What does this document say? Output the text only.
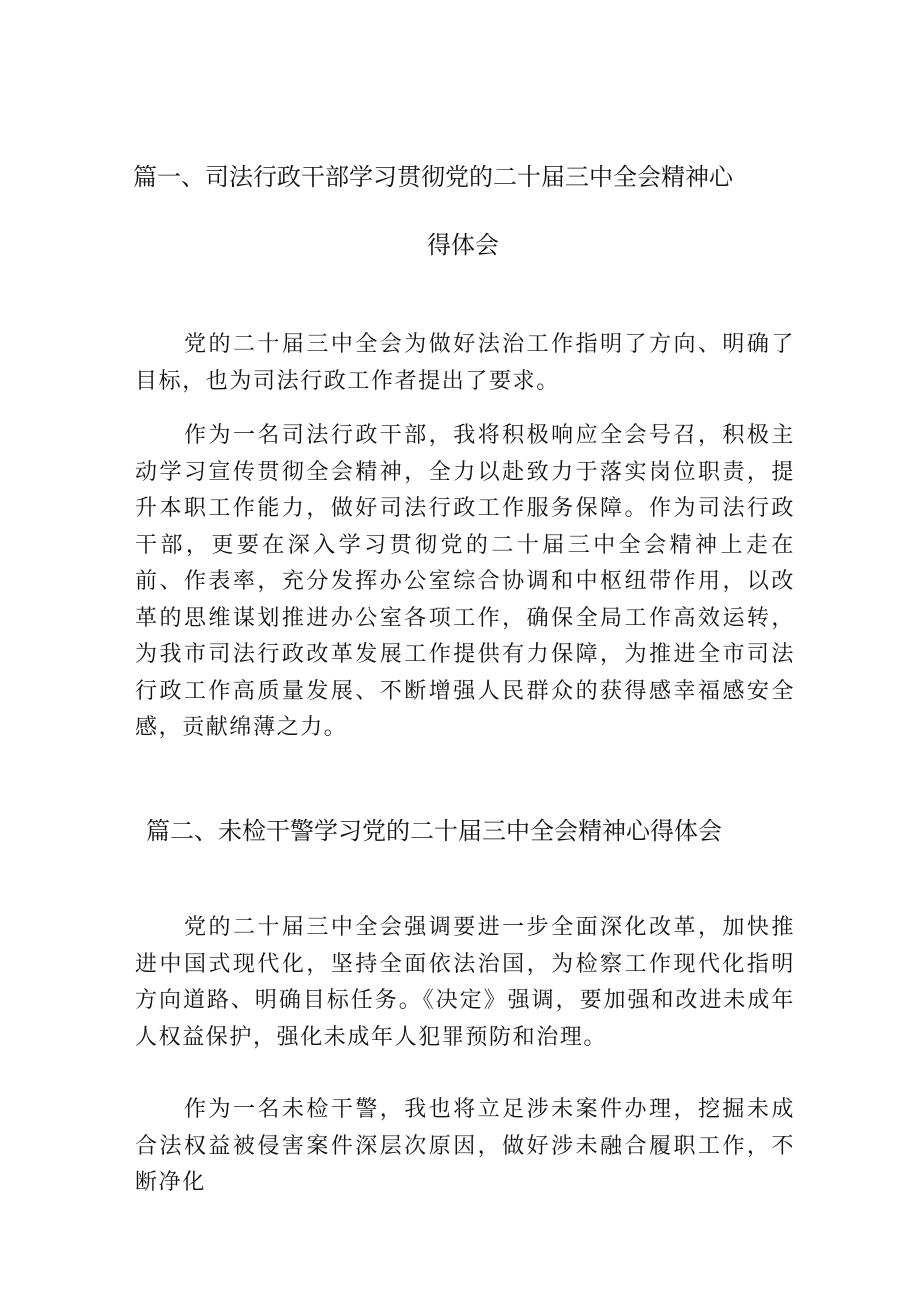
篇一、司法行政干部学习贯彻党的二十届三中全会精神心
得体会

党的二十届三中全会为做好法治工作指明了方向、明确了目标，也为司法行政工作者提出了要求。

作为一名司法行政干部，我将积极响应全会号召，积极主动学习宣传贯彻全会精神，全力以赴致力于落实岗位职责，提升本职工作能力，做好司法行政工作服务保障。作为司法行政干部，更要在深入学习贯彻党的二十届三中全会精神上走在前、作表率，充分发挥办公室综合协调和中枢纽带作用，以改革的思维谋划推进办公室各项工作，确保全局工作高效运转，为我市司法行政改革发展工作提供有力保障，为推进全市司法行政工作高质量发展、不断增强人民群众的获得感幸福感安全感，贡献绵薄之力。

篇二、未检干警学习党的二十届三中全会精神心得体会

党的二十届三中全会强调要进一步全面深化改革，加快推进中国式现代化，坚持全面依法治国，为检察工作现代化指明方向道路、明确目标任务。《决定》强调，要加强和改进未成年人权益保护，强化未成年人犯罪预防和治理。

作为一名未检干警，我也将立足涉未案件办理，挖掘未成合法权益被侵害案件深层次原因，做好涉未融合履职工作，不断净化
